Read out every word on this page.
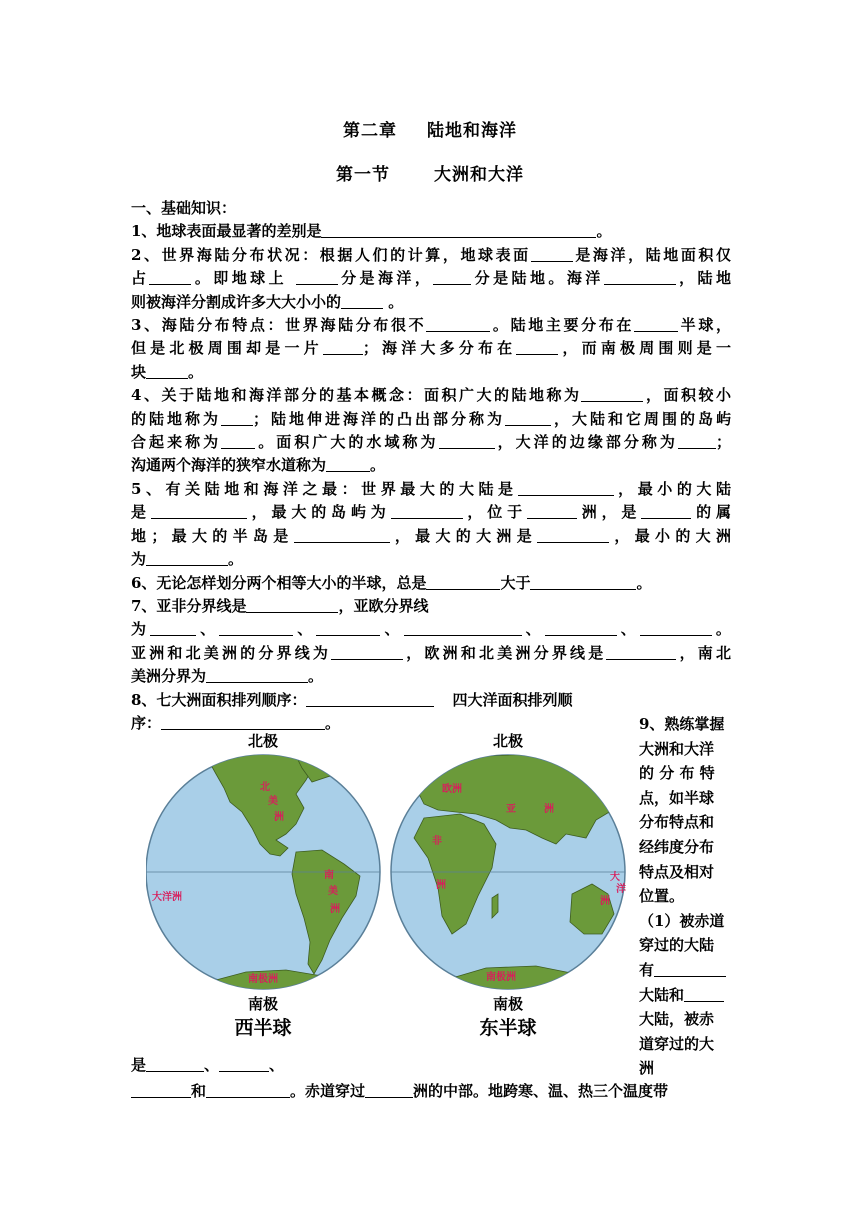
第二章 陆地和海洋
第一节	大洲和大洋

一、基础知识：

1、地球表面最显著的差别是	。

2、世界海陆分布状况：根据人们的计算，地球表面	是海洋，陆地面积仅

占	。即地球上	分是海洋，	分是陆地。海洋	，陆地

则被海洋分割成许多大大小小的	。

3、海陆分布特点：世界海陆分布很不	。陆地主要分布在	半球，

但是北极周围却是一片	；海洋大多分布在	，而南极周围则是一

块	。

4、关于陆地和海洋部分的基本概念：面积广大的陆地称为	，面积较小

的陆地称为 ；陆地伸进海洋的凸出部分称为	，大陆和它周围的岛屿

合起来称为 。面积广大的水域称为	，大洋的边缘部分称为	；

沟通两个海洋的狭窄水道称为	。

5、有关陆地和海洋之最：世界最大的大陆是	，最小的大陆

是	，最大的岛屿为	，位于	洲，是	的属

地；最大的半岛是	，最大的大洲是	，最小的大洲

为	。

6、无论怎样划分两个相等大小的半球，总是	大于	。

7、亚非分界线是	，亚欧分界线

为	、	、	、	、	、	。

亚洲和北美洲的分界线为	，欧洲和北美洲分界线是	，南北

美洲分界为	。

8、七大洲面积排列顺序：	四大洋面积排列顺

序：	。

北极
南极
西半球
北
美
洲
南
美
洲
大洋洲
南极洲
北极
南极
东半球
欧洲
亚	洲
非
洲
大
洋
洲
南极洲

9、熟练掌握

大洲和大洋

的 分 布 特

点，如半球

分布特点和

经纬度分布

特点及相对

位置。

（1）被赤道

穿过的大陆

有

大陆和

大陆，被赤

道穿过的大

洲

是	、	、

和	。赤道穿过	洲的中部。地跨寒、温、热三个温度带
